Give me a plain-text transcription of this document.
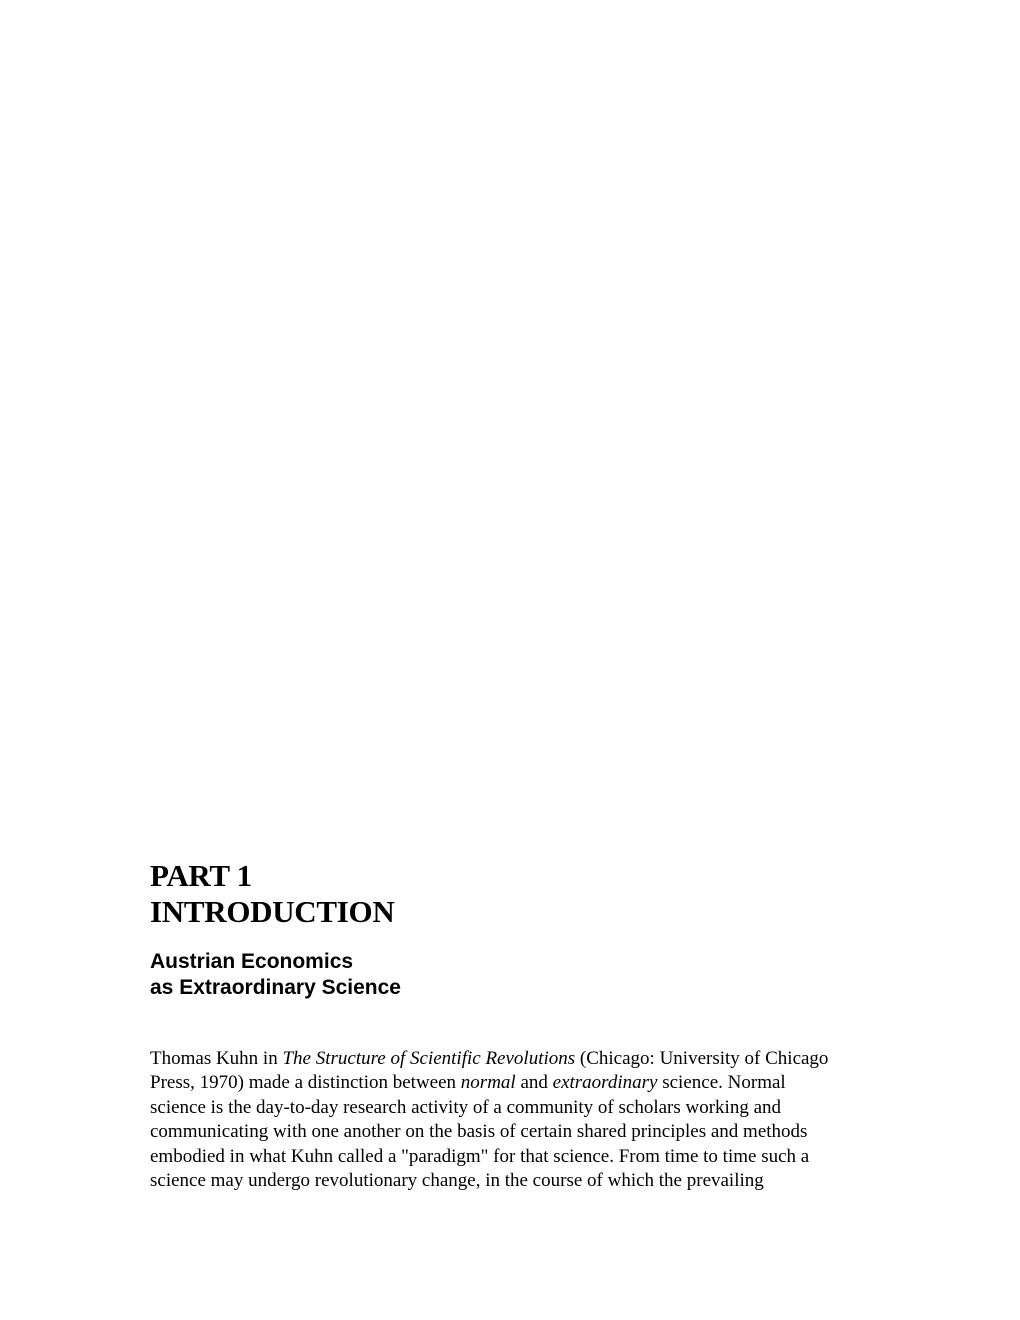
PART 1
INTRODUCTION
Austrian Economics
as Extraordinary Science
Thomas Kuhn in The Structure of Scientific Revolutions (Chicago: University of Chicago
Press, 1970) made a distinction between normal and extraordinary science. Normal
science is the day-to-day research activity of a community of scholars working and
communicating with one another on the basis of certain shared principles and methods
embodied in what Kuhn called a "paradigm" for that science. From time to time such a
science may undergo revolutionary change, in the course of which the prevailing
